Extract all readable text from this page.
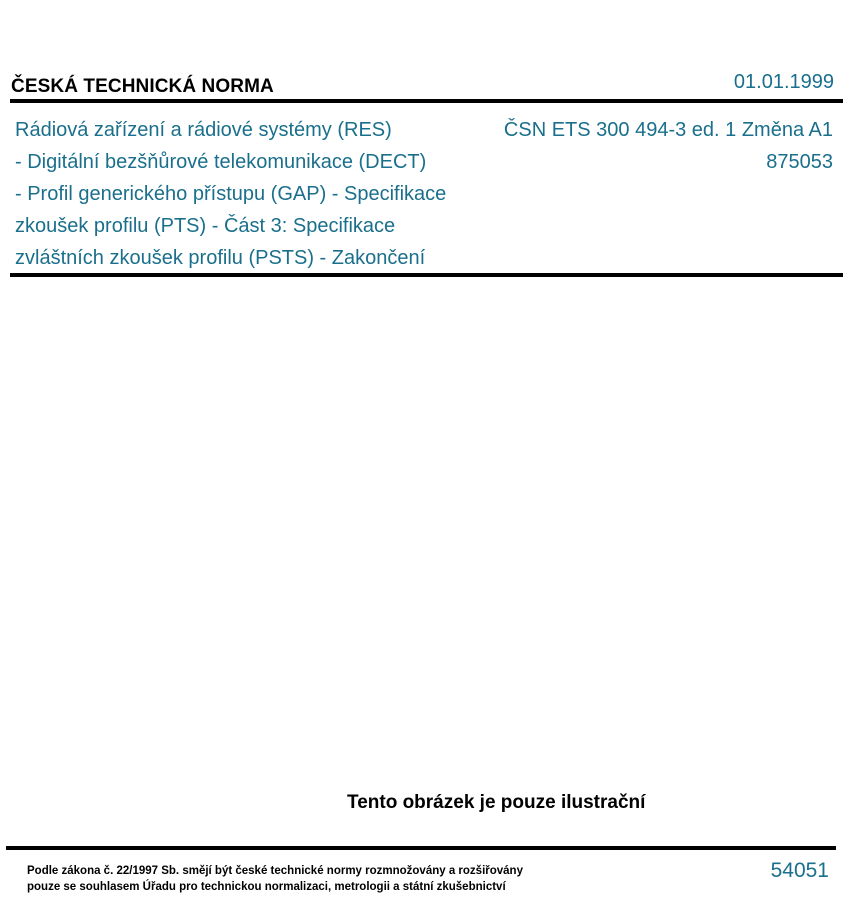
ČESKÁ TECHNICKÁ NORMA	01.01.1999
Rádiová zařízení a rádiové systémy (RES)
- Digitální bezšňůrové telekomunikace (DECT)
- Profil generického přístupu (GAP) - Specifikace
zkoušek profilu (PTS) - Část 3: Specifikace
zvláštních zkoušek profilu (PSTS) - Zakončení
ČSN ETS 300 494-3 ed. 1 Změna A1
875053
Tento obrázek je pouze ilustrační
Podle zákona č. 22/1997 Sb. smějí být české technické normy rozmnožovány a rozšiřovány
pouze se souhlasem Úřadu pro technickou normalizaci, metrologii a státní zkušebnictví
54051
